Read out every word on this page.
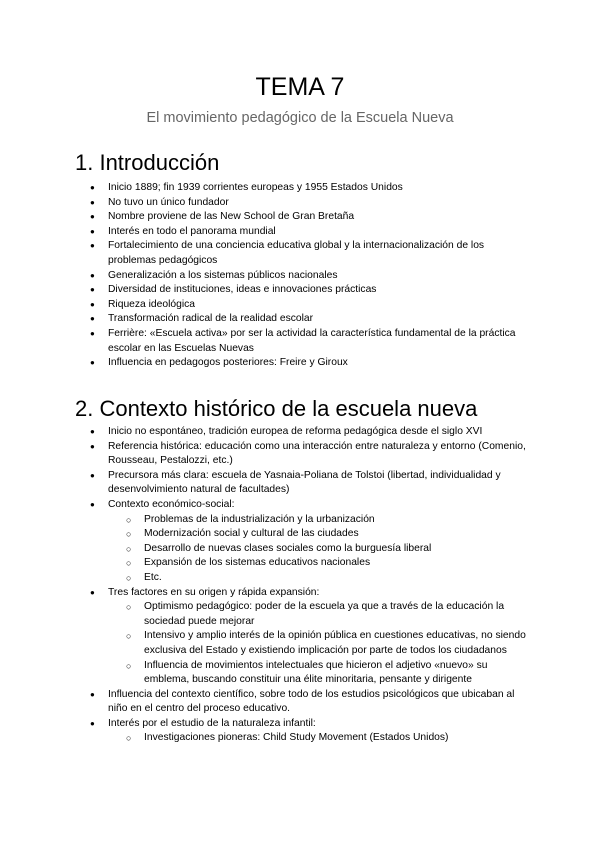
TEMA 7
El movimiento pedagógico de la Escuela Nueva
1. Introducción
● Inicio 1889; fin 1939 corrientes europeas y 1955 Estados Unidos
● No tuvo un único fundador
● Nombre proviene de las New School de Gran Bretaña
● Interés en todo el panorama mundial
● Fortalecimiento de una conciencia educativa global y la internacionalización de los problemas pedagógicos
● Generalización a los sistemas públicos nacionales
● Diversidad de instituciones, ideas e innovaciones prácticas
● Riqueza ideológica
● Transformación radical de la realidad escolar
● Ferrière: «Escuela activa» por ser la actividad la característica fundamental de la práctica escolar en las Escuelas Nuevas
● Influencia en pedagogos posteriores: Freire y Giroux
2. Contexto histórico de la escuela nueva
● Inicio no espontáneo, tradición europea de reforma pedagógica desde el siglo XVI
● Referencia histórica: educación como una interacción entre naturaleza y entorno (Comenio, Rousseau, Pestalozzi, etc.)
● Precursora más clara: escuela de Yasnaia-Poliana de Tolstoi (libertad, individualidad y desenvolvimiento natural de facultades)
● Contexto económico-social:
○ Problemas de la industrialización y la urbanización
○ Modernización social y cultural de las ciudades
○ Desarrollo de nuevas clases sociales como la burguesía liberal
○ Expansión de los sistemas educativos nacionales
○ Etc.
● Tres factores en su origen y rápida expansión:
○ Optimismo pedagógico: poder de la escuela ya que a través de la educación la sociedad puede mejorar
○ Intensivo y amplio interés de la opinión pública en cuestiones educativas, no siendo exclusiva del Estado y existiendo implicación por parte de todos los ciudadanos
○ Influencia de movimientos intelectuales que hicieron el adjetivo «nuevo» su emblema, buscando constituir una élite minoritaria, pensante y dirigente
● Influencia del contexto científico, sobre todo de los estudios psicológicos que ubicaban al niño en el centro del proceso educativo.
● Interés por el estudio de la naturaleza infantil:
○ Investigaciones pioneras: Child Study Movement (Estados Unidos)
